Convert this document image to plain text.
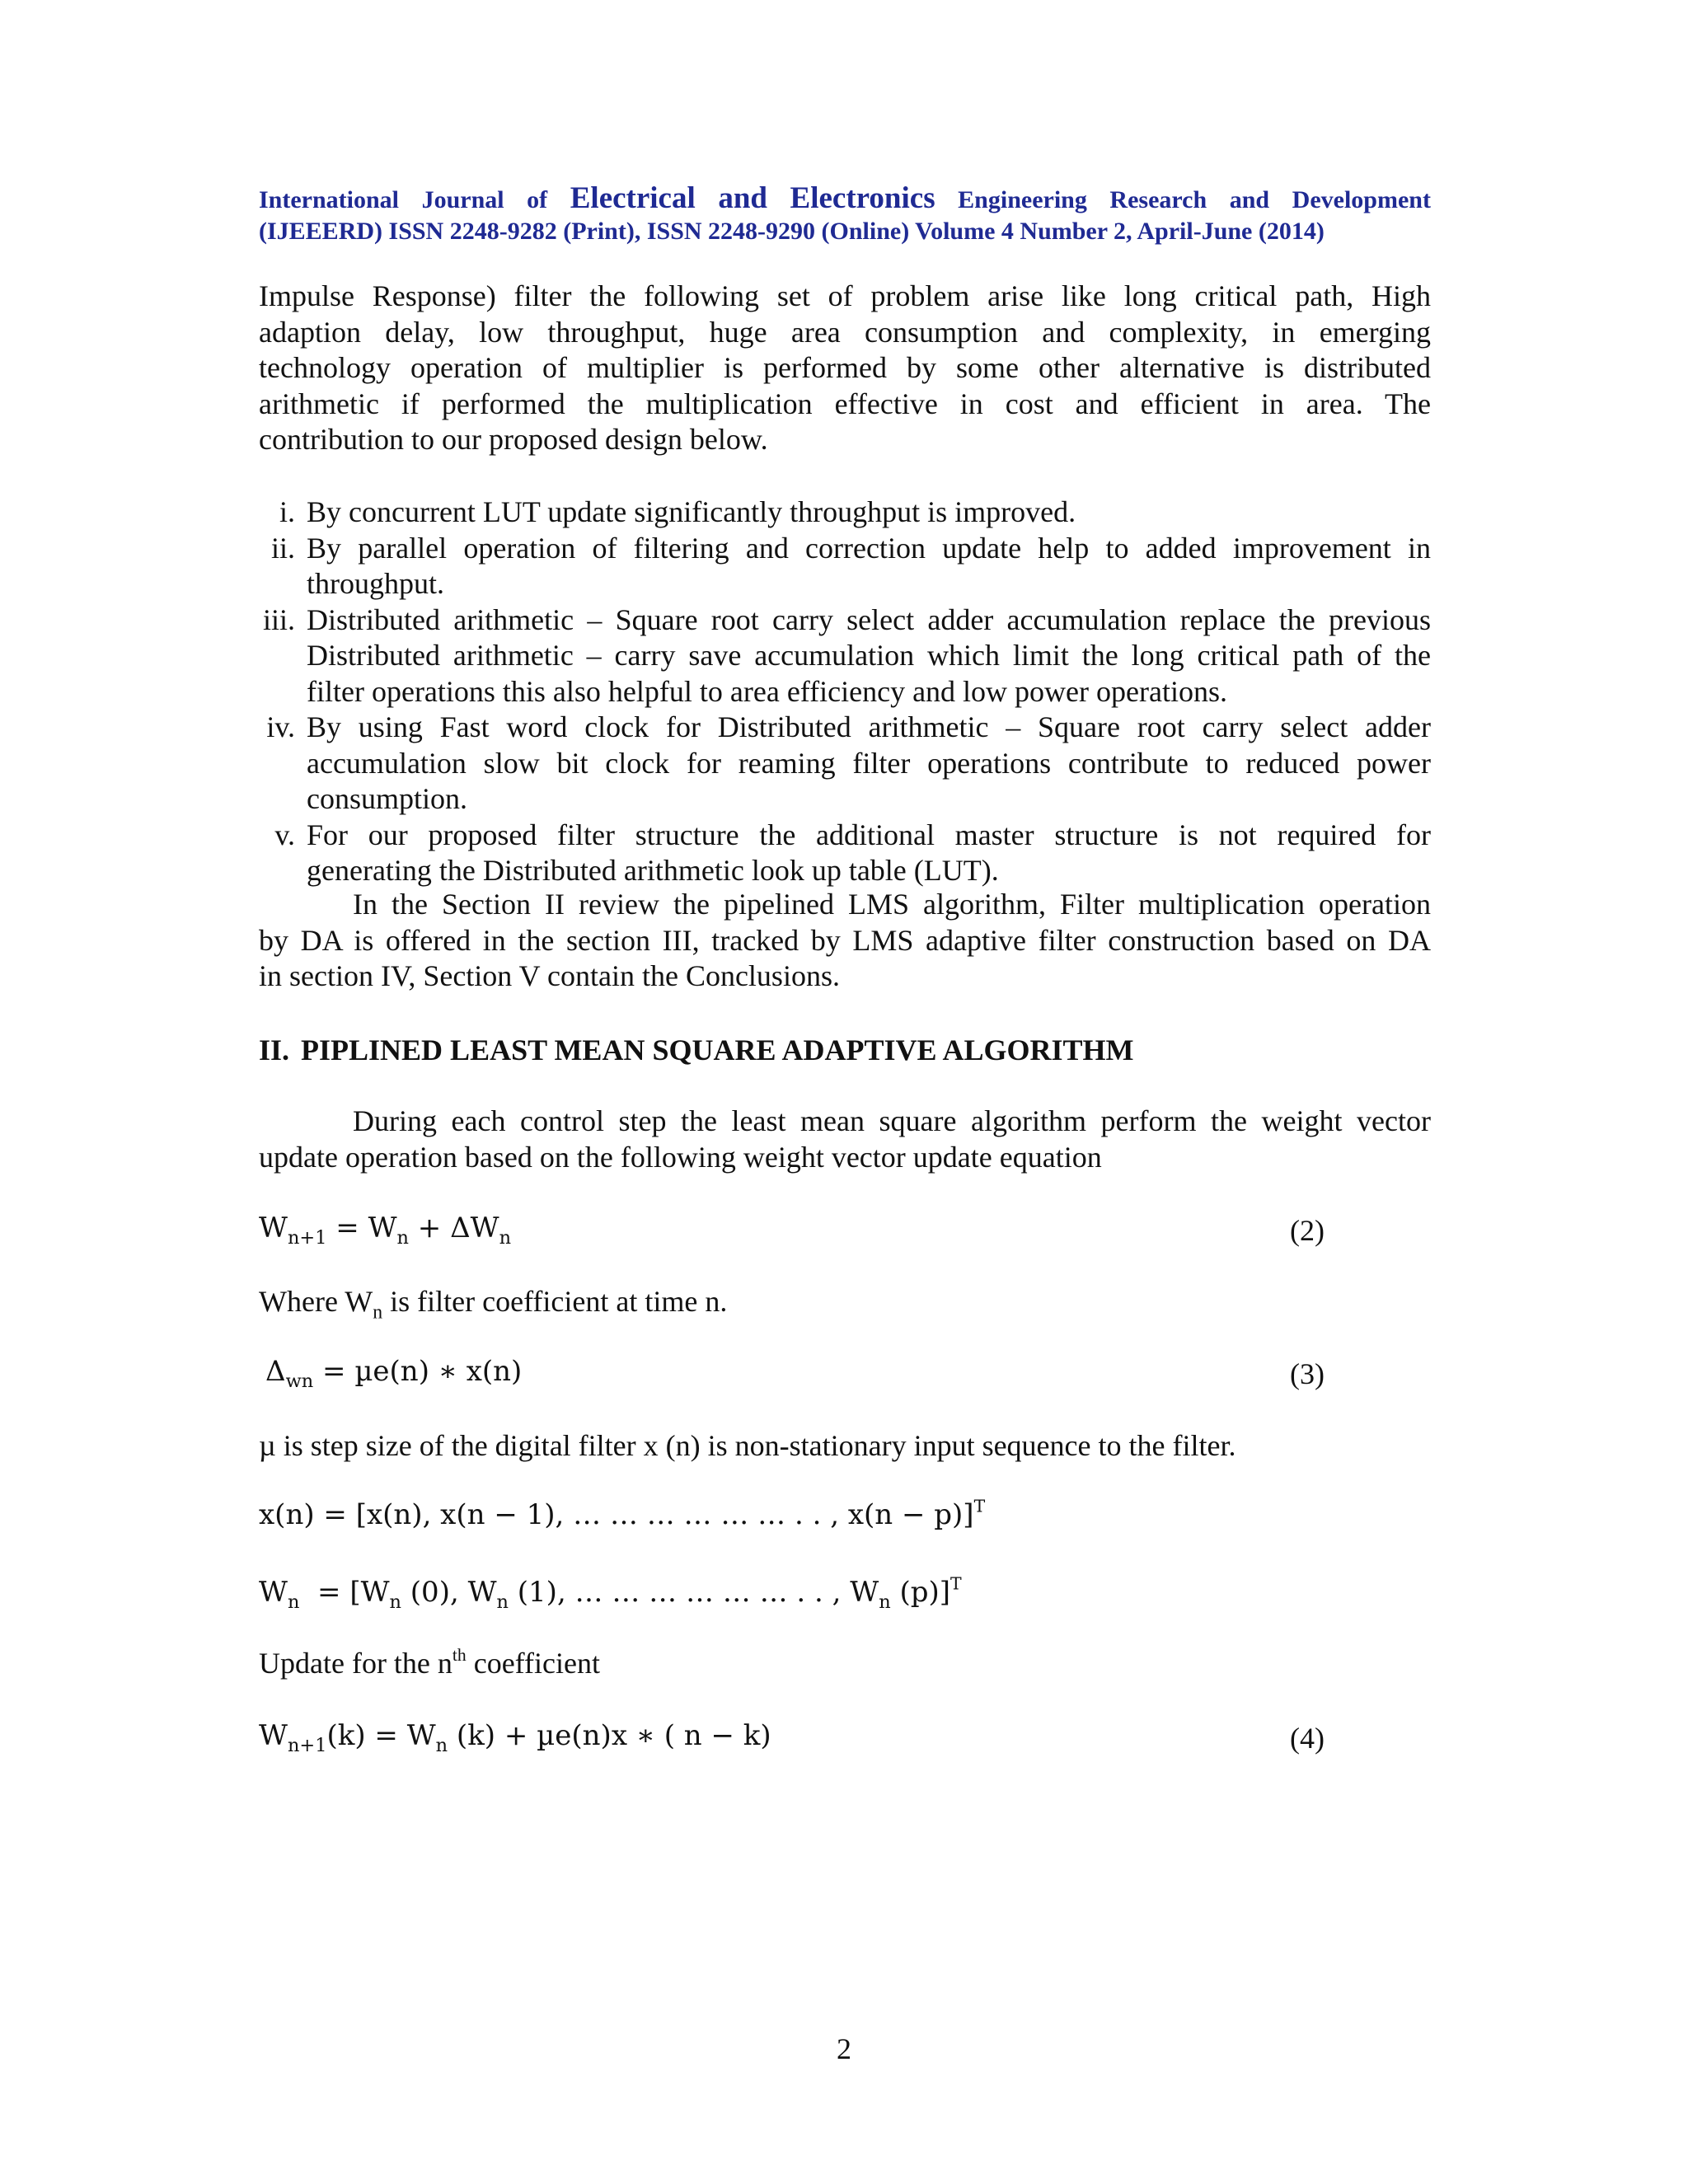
International Journal of Electrical and Electronics Engineering Research and Development
(IJEEERD) ISSN 2248-9282 (Print), ISSN 2248-9290 (Online) Volume 4 Number 2, April-June (2014)
Impulse Response) filter the following set of problem arise like long critical path, High
adaption delay, low throughput, huge area consumption and complexity, in emerging
technology operation of multiplier is performed by some other alternative is distributed
arithmetic if performed the multiplication effective in cost and efficient in area. The
contribution to our proposed design below.
i. By concurrent LUT update significantly throughput is improved.
ii. By parallel operation of filtering and correction update help to added improvement in
throughput.
iii. Distributed arithmetic – Square root carry select adder accumulation replace the previous
Distributed arithmetic – carry save accumulation which limit the long critical path of the
filter operations this also helpful to area efficiency and low power operations.
iv. By using Fast word clock for Distributed arithmetic – Square root carry select adder
accumulation slow bit clock for reaming filter operations contribute to reduced power
consumption.
v. For our proposed filter structure the additional master structure is not required for
generating the Distributed arithmetic look up table (LUT).
In the Section II review the pipelined LMS algorithm, Filter multiplication operation
by DA is offered in the section III, tracked by LMS adaptive filter construction based on DA
in section IV, Section V contain the Conclusions.
II. PIPLINED LEAST MEAN SQUARE ADAPTIVE ALGORITHM
During each control step the least mean square algorithm perform the weight vector
update operation based on the following weight vector update equation
$W_{n+1} = W_n + \Delta W_n$	(2)
Where $W_n$ is filter coefficient at time n.
$\Delta_{wn} = \mu e(n)$ ∗ x(n)	(3)
µ is step size of the digital filter x (n) is non-stationary input sequence to the filter.
x(n) = [x(n), x(n − 1), … … … … … … . . , x(n − p)]$^T$
$W_n = [W_n$ (0), $W_n$ (1), … … … … … … . . , $W_n$ (p)]$^T$
Update for the $n^{th}$ coefficient
$W_{n+1}(k) = W_n$ (k) + µe(n)x ∗ ( n − k)	(4)
2
